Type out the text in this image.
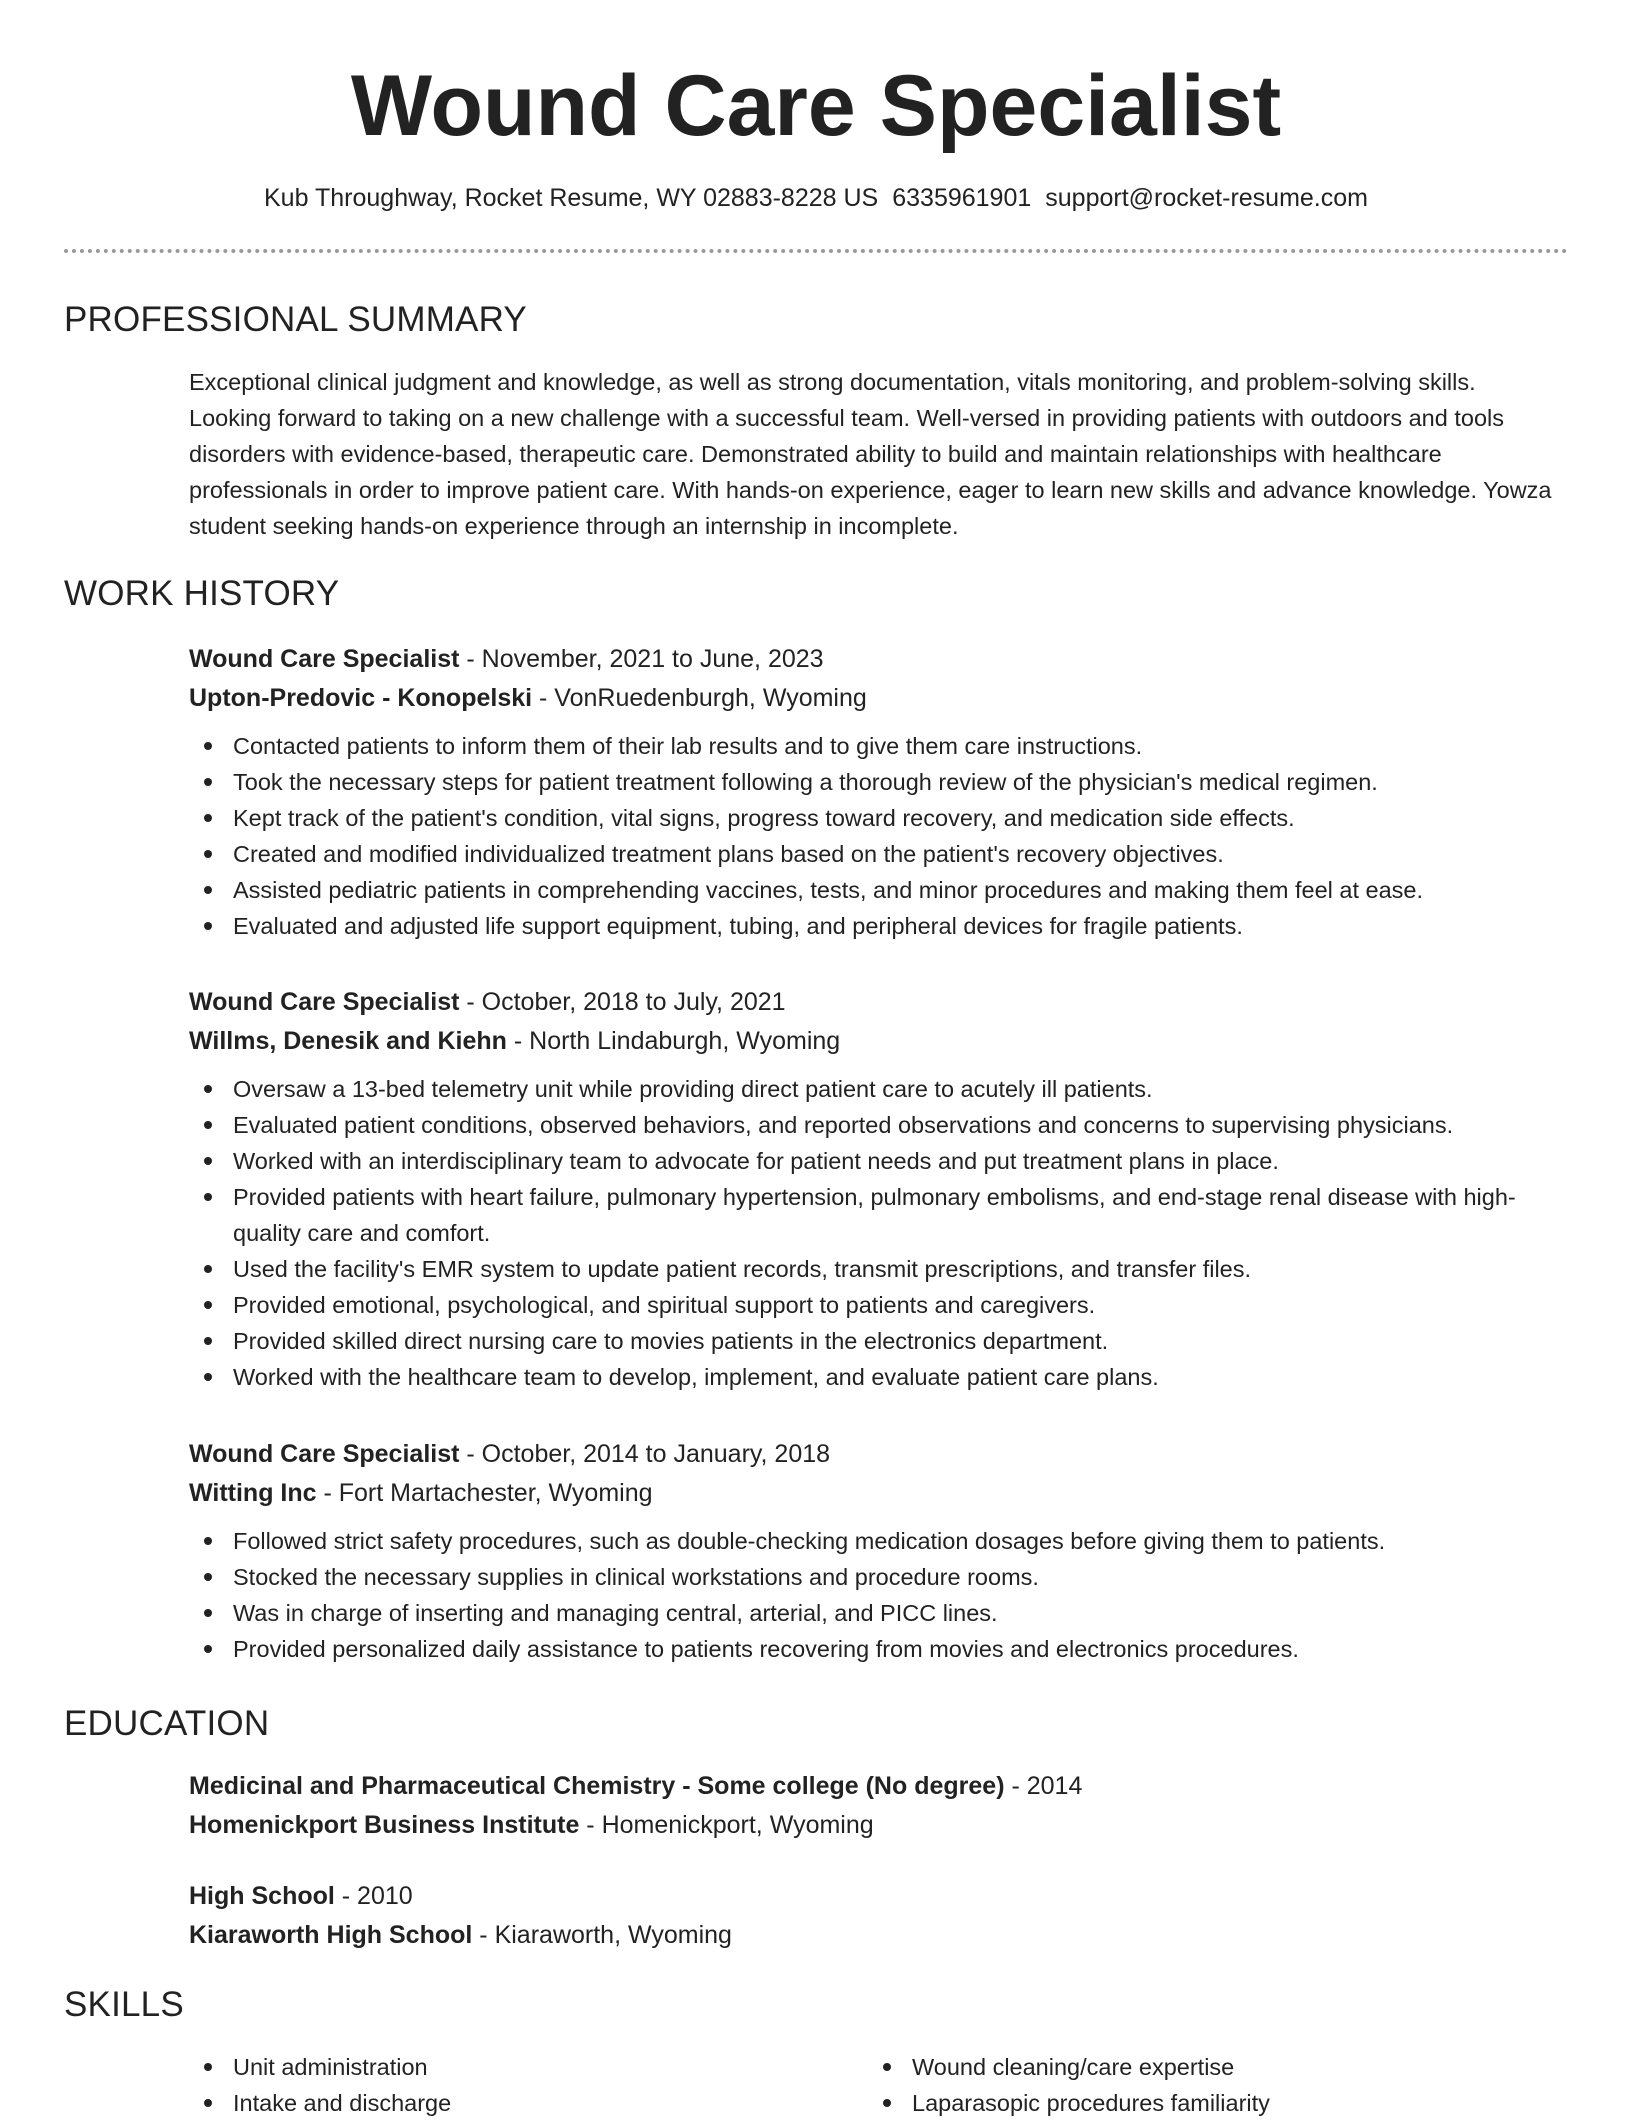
Wound Care Specialist
Kub Throughway, Rocket Resume, WY 02883-8228 US 6335961901 support@rocket-resume.com
PROFESSIONAL SUMMARY
Exceptional clinical judgment and knowledge, as well as strong documentation, vitals monitoring, and problem-solving skills. Looking forward to taking on a new challenge with a successful team. Well-versed in providing patients with outdoors and tools disorders with evidence-based, therapeutic care. Demonstrated ability to build and maintain relationships with healthcare professionals in order to improve patient care. With hands-on experience, eager to learn new skills and advance knowledge. Yowza student seeking hands-on experience through an internship in incomplete.
WORK HISTORY
Wound Care Specialist - November, 2021 to June, 2023
Upton-Predovic - Konopelski - VonRuedenburgh, Wyoming
Contacted patients to inform them of their lab results and to give them care instructions.
Took the necessary steps for patient treatment following a thorough review of the physician's medical regimen.
Kept track of the patient's condition, vital signs, progress toward recovery, and medication side effects.
Created and modified individualized treatment plans based on the patient's recovery objectives.
Assisted pediatric patients in comprehending vaccines, tests, and minor procedures and making them feel at ease.
Evaluated and adjusted life support equipment, tubing, and peripheral devices for fragile patients.
Wound Care Specialist - October, 2018 to July, 2021
Willms, Denesik and Kiehn - North Lindaburgh, Wyoming
Oversaw a 13-bed telemetry unit while providing direct patient care to acutely ill patients.
Evaluated patient conditions, observed behaviors, and reported observations and concerns to supervising physicians.
Worked with an interdisciplinary team to advocate for patient needs and put treatment plans in place.
Provided patients with heart failure, pulmonary hypertension, pulmonary embolisms, and end-stage renal disease with high-quality care and comfort.
Used the facility's EMR system to update patient records, transmit prescriptions, and transfer files.
Provided emotional, psychological, and spiritual support to patients and caregivers.
Provided skilled direct nursing care to movies patients in the electronics department.
Worked with the healthcare team to develop, implement, and evaluate patient care plans.
Wound Care Specialist - October, 2014 to January, 2018
Witting Inc - Fort Martachester, Wyoming
Followed strict safety procedures, such as double-checking medication dosages before giving them to patients.
Stocked the necessary supplies in clinical workstations and procedure rooms.
Was in charge of inserting and managing central, arterial, and PICC lines.
Provided personalized daily assistance to patients recovering from movies and electronics procedures.
EDUCATION
Medicinal and Pharmaceutical Chemistry - Some college (No degree) - 2014
Homenickport Business Institute - Homenickport, Wyoming
High School - 2010
Kiaraworth High School - Kiaraworth, Wyoming
SKILLS
Unit administration
Intake and discharge
Wound cleaning/care expertise
Laparasopic procedures familiarity
